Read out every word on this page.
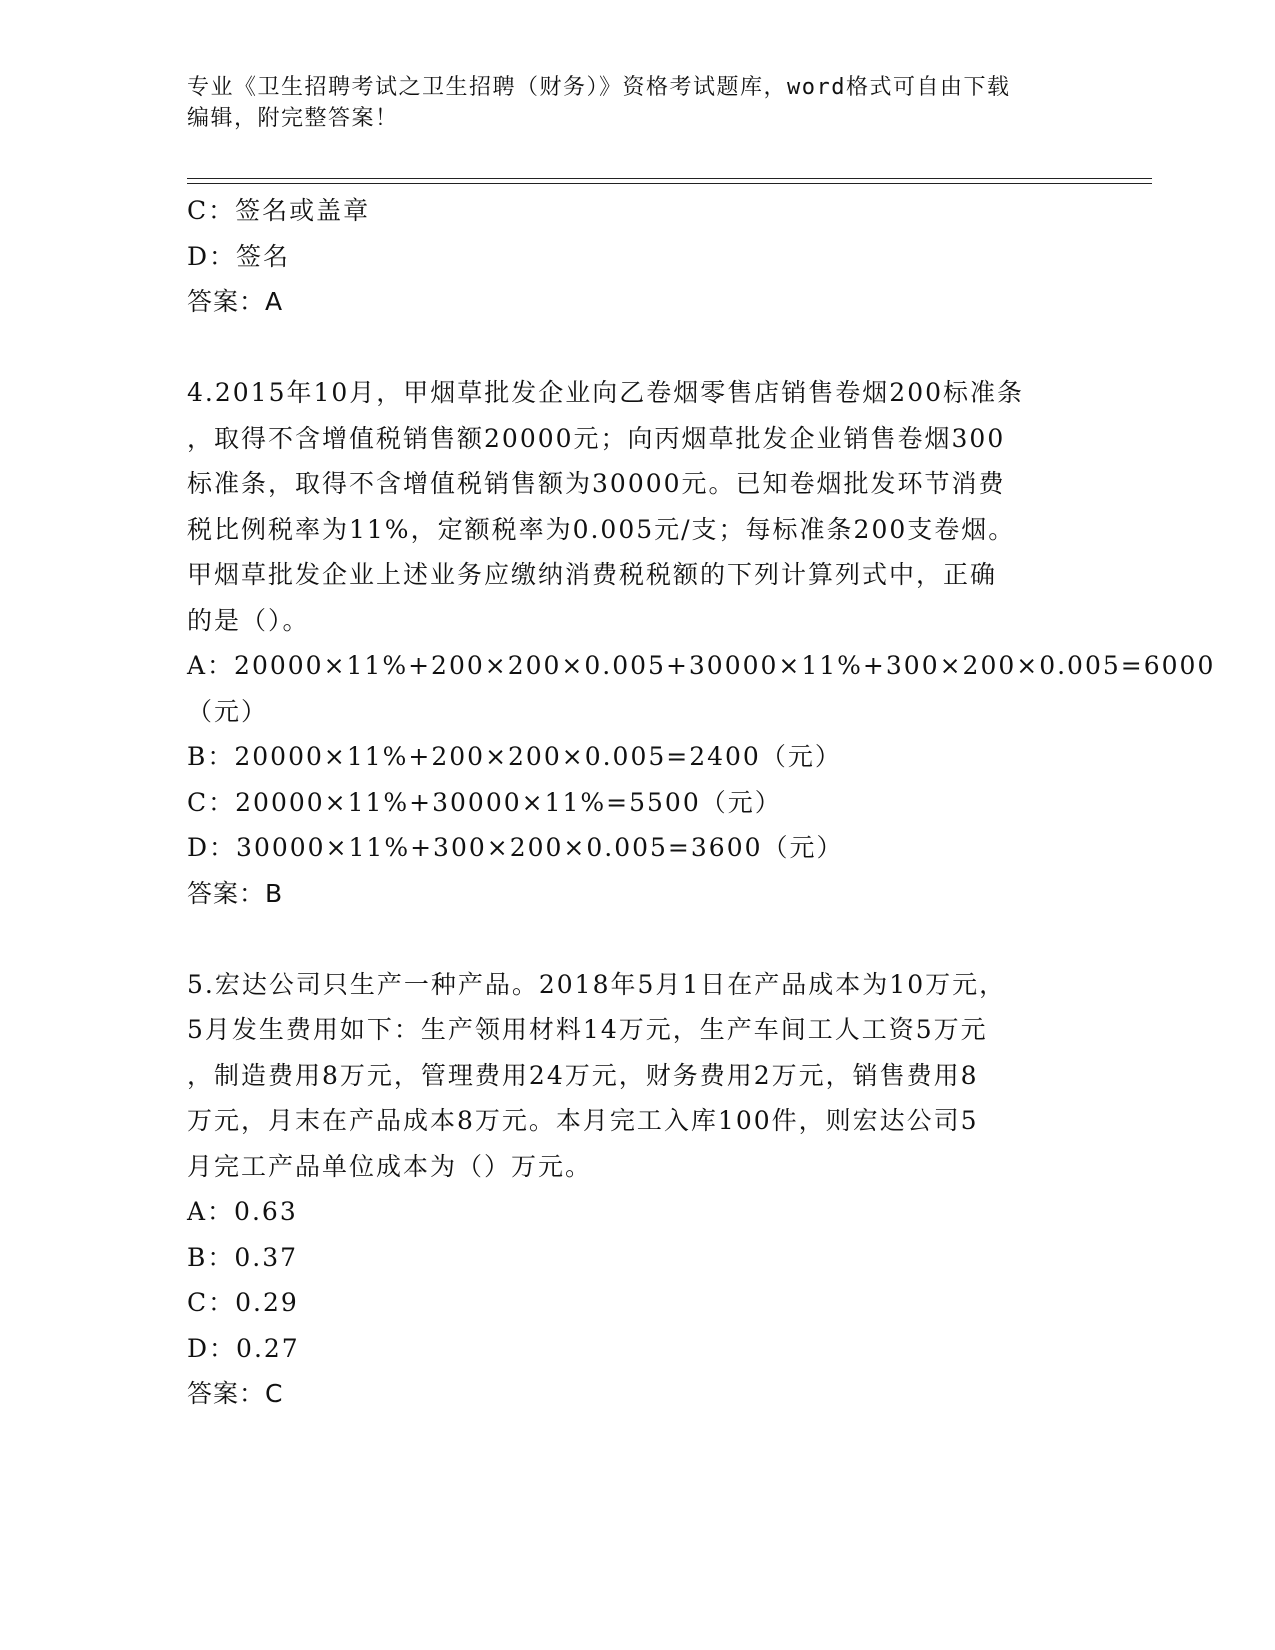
专业《卫生招聘考试之卫生招聘（财务）》资格考试题库，word格式可自由下载
编辑，附完整答案！
C：签名或盖章
D：签名
答案：A
4.2015年10月，甲烟草批发企业向乙卷烟零售店销售卷烟200标准条
，取得不含增值税销售额20000元；向丙烟草批发企业销售卷烟300
标准条，取得不含增值税销售额为30000元。已知卷烟批发环节消费
税比例税率为11%，定额税率为0.005元/支；每标准条200支卷烟。
甲烟草批发企业上述业务应缴纳消费税税额的下列计算列式中，正确
的是（）。
A：20000×11%+200×200×0.005+30000×11%+300×200×0.005=6000
（元）
B：20000×11%+200×200×0.005=2400（元）
C：20000×11%+30000×11%=5500（元）
D：30000×11%+300×200×0.005=3600（元）
答案：B
5.宏达公司只生产一种产品。2018年5月1日在产品成本为10万元，
5月发生费用如下：生产领用材料14万元，生产车间工人工资5万元
，制造费用8万元，管理费用24万元，财务费用2万元，销售费用8
万元，月末在产品成本8万元。本月完工入库100件，则宏达公司5
月完工产品单位成本为（）万元。
A：0.63
B：0.37
C：0.29
D：0.27
答案：C
